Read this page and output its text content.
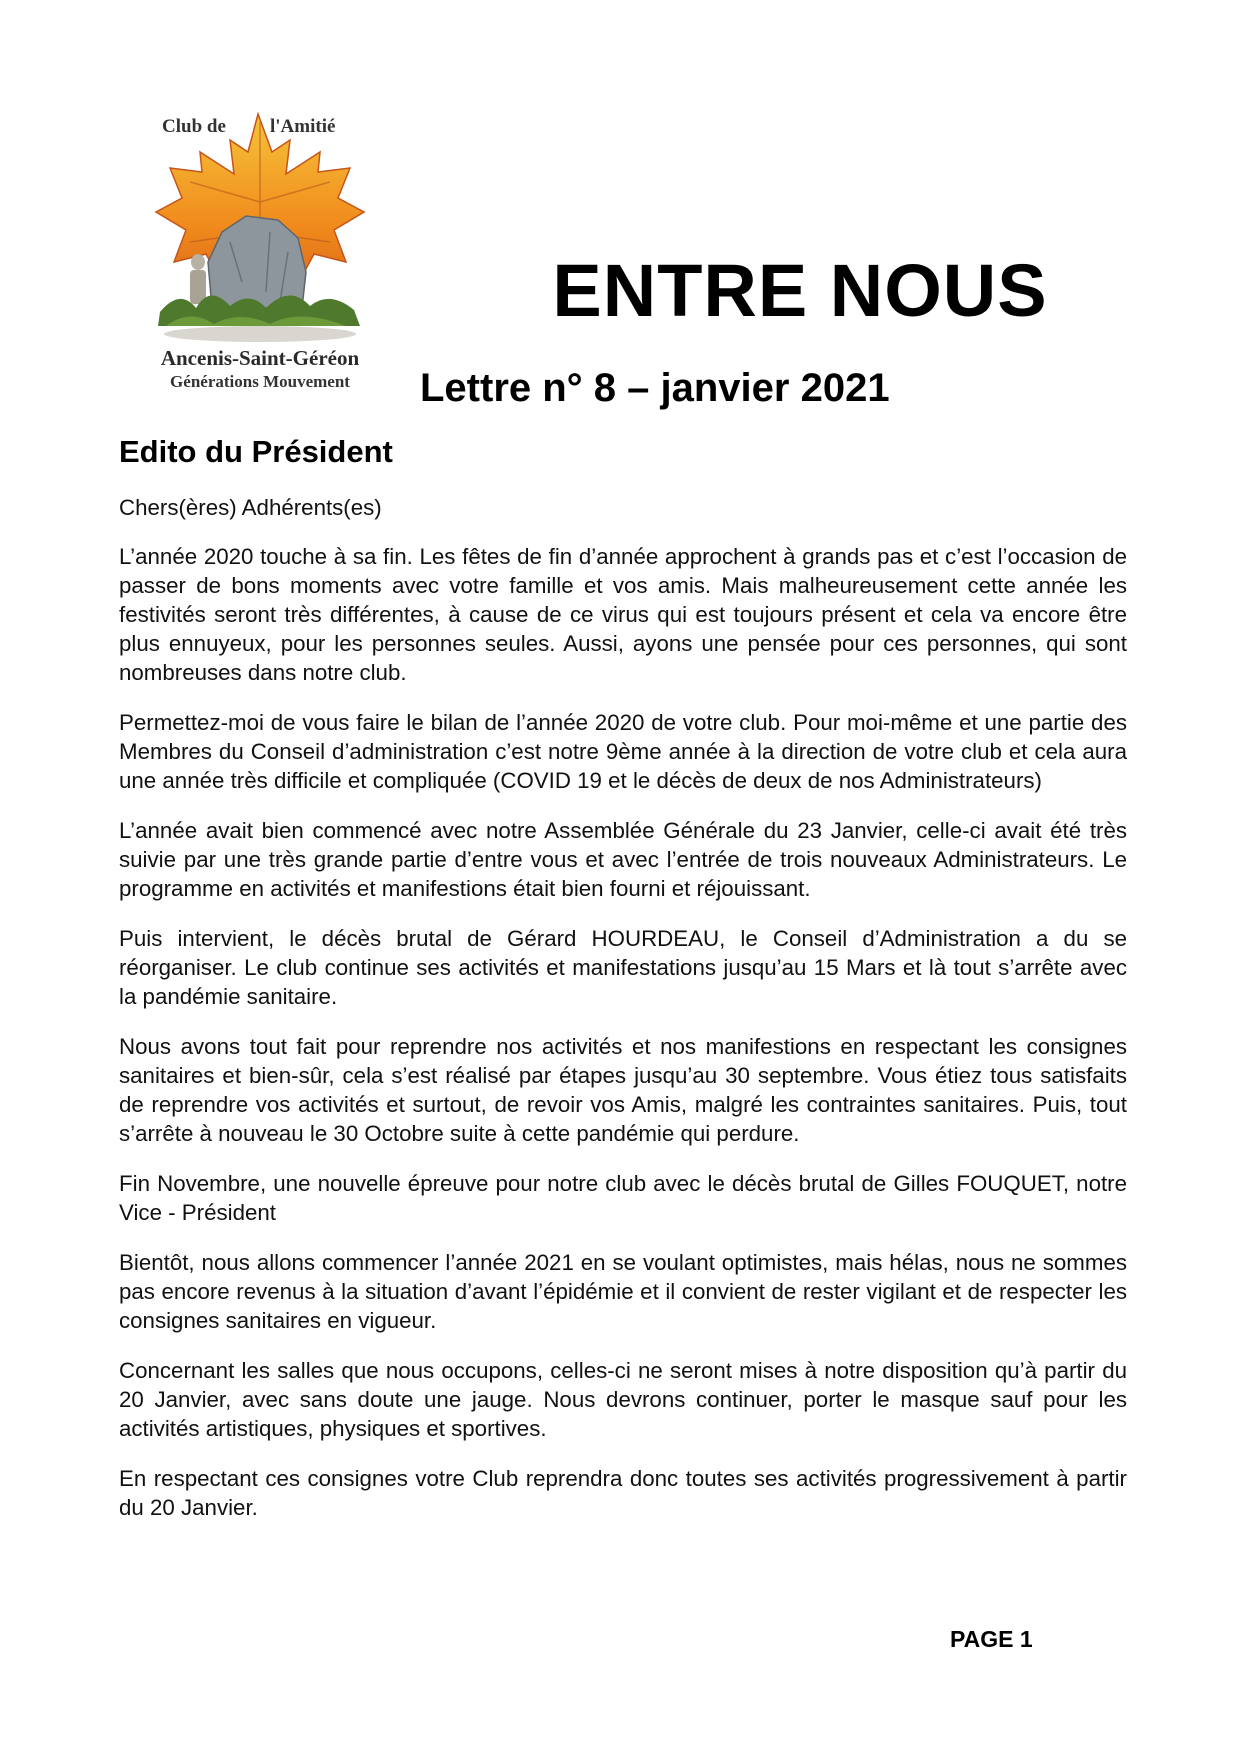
Club de l'Amitié
Ancenis-Saint-Géréon
Générations Mouvement
ENTRE NOUS
Lettre n° 8 – janvier 2021
Edito du Président

Chers(ères) Adhérents(es)

L’année 2020 touche à sa fin. Les fêtes de fin d’année approchent à grands pas et c’est l’occasion de passer de bons moments avec votre famille et vos amis. Mais malheureusement cette année les festivités seront très différentes, à cause de ce virus qui est toujours présent et cela va encore être plus ennuyeux, pour les personnes seules. Aussi, ayons une pensée pour ces personnes, qui sont nombreuses dans notre club.

Permettez-moi de vous faire le bilan de l’année 2020 de votre club. Pour moi-même et une partie des Membres du Conseil d’administration c’est notre 9ème année à la direction de votre club et cela aura une année très difficile et compliquée (COVID 19 et le décès de deux de nos Administrateurs)

L’année avait bien commencé avec notre Assemblée Générale du 23 Janvier, celle-ci avait été très suivie par une très grande partie d’entre vous et avec l’entrée de trois nouveaux Administrateurs. Le programme en activités et manifestions était bien fourni et réjouissant.

Puis intervient, le décès brutal de Gérard HOURDEAU, le Conseil d’Administration a du se réorganiser. Le club continue ses activités et manifestations jusqu’au 15 Mars et là tout s’arrête avec la pandémie sanitaire.

Nous avons tout fait pour reprendre nos activités et nos manifestions en respectant les consignes sanitaires et bien-sûr, cela s’est réalisé par étapes jusqu’au 30 septembre. Vous étiez tous satisfaits de reprendre vos activités et surtout, de revoir vos Amis, malgré les contraintes sanitaires. Puis, tout s’arrête à nouveau le 30 Octobre suite à cette pandémie qui perdure.

Fin Novembre, une nouvelle épreuve pour notre club avec le décès brutal de Gilles FOUQUET, notre Vice - Président

Bientôt, nous allons commencer l’année 2021 en se voulant optimistes, mais hélas, nous ne sommes pas encore revenus à la situation d’avant l’épidémie et il convient de rester vigilant et de respecter les consignes sanitaires en vigueur.

Concernant les salles que nous occupons, celles-ci ne seront mises à notre disposition qu’à partir du 20 Janvier, avec sans doute une jauge. Nous devrons continuer, porter le masque sauf pour les activités artistiques, physiques et sportives.

En respectant ces consignes votre Club reprendra donc toutes ses activités progressivement à partir du 20 Janvier.

PAGE 1
